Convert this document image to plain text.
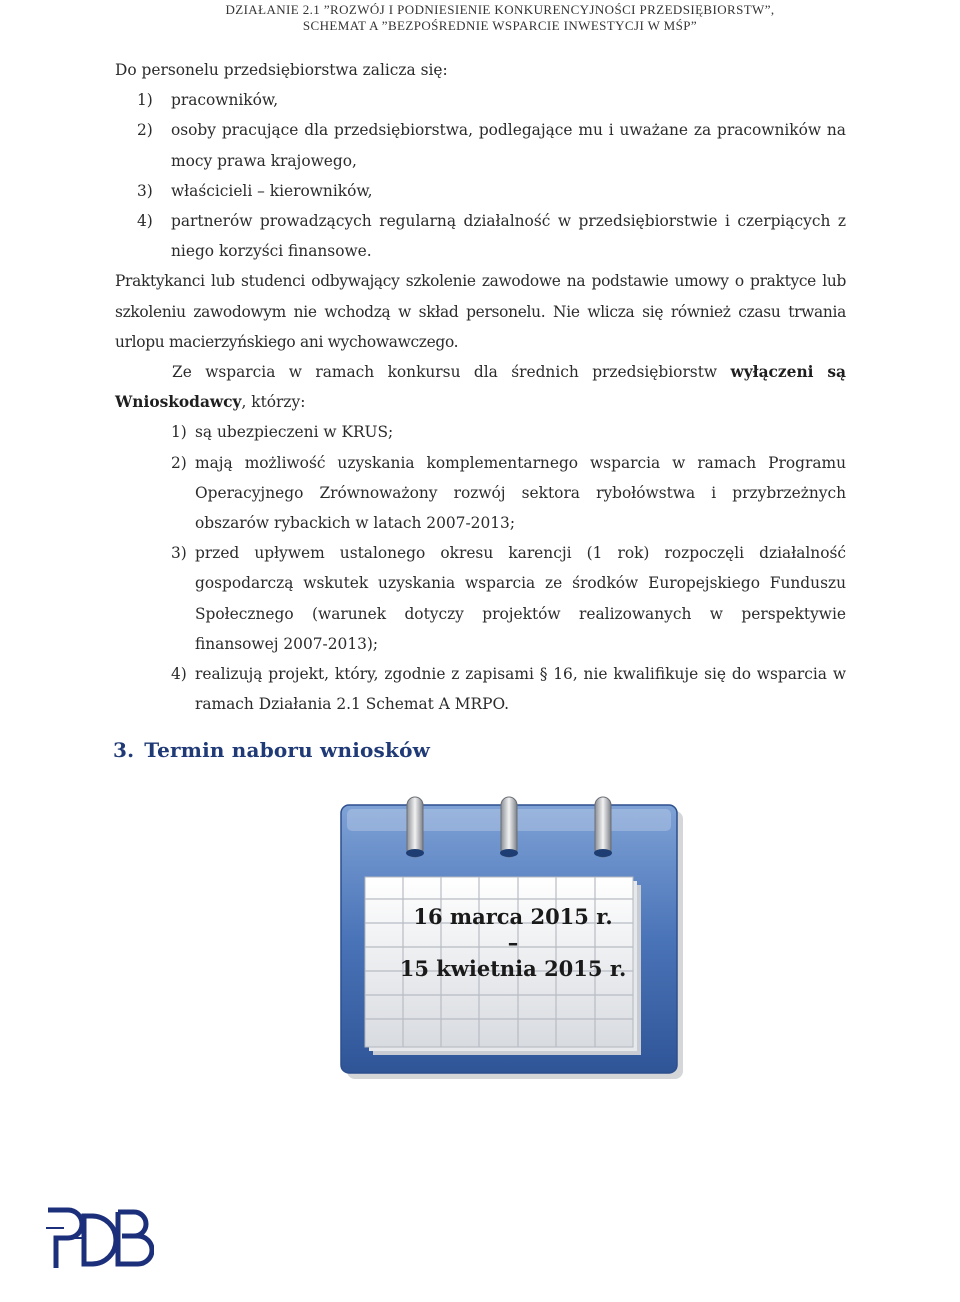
DZIAŁANIE 2.1 ”ROZWÓJ I PODNIESIENIE KONKURENCYJNOŚCI PRZEDSIĘBIORSTW”,
SCHEMAT A ”BEZPOŚREDNIE WSPARCIE INWESTYCJI W MŚP”

Do personelu przedsiębiorstwa zalicza się:

1) pracowników,
2) osoby pracujące dla przedsiębiorstwa, podlegające mu i uważane za pracowników na mocy prawa krajowego,
3) właścicieli – kierowników,
4) partnerów prowadzących regularną działalność w przedsiębiorstwie i czerpiących z niego korzyści finansowe.

Praktykanci lub studenci odbywający szkolenie zawodowe na podstawie umowy o praktyce lub szkoleniu zawodowym nie wchodzą w skład personelu. Nie wlicza się również czasu trwania urlopu macierzyńskiego ani wychowawczego.

Ze wsparcia w ramach konkursu dla średnich przedsiębiorstw wyłączeni są Wnioskodawcy, którzy:

1) są ubezpieczeni w KRUS;
2) mają możliwość uzyskania komplementarnego wsparcia w ramach Programu Operacyjnego Zrównoważony rozwój sektora rybołówstwa i przybrzeżnych obszarów rybackich w latach 2007-2013;
3) przed upływem ustalonego okresu karencji (1 rok) rozpoczęli działalność gospodarczą wskutek uzyskania wsparcia ze środków Europejskiego Funduszu Społecznego (warunek dotyczy projektów realizowanych w perspektywie finansowej 2007-2013);
4) realizują projekt, który, zgodnie z zapisami § 16, nie kwalifikuje się do wsparcia w ramach Działania 2.1 Schemat A MRPO.
3. Termin naboru wniosków
16 marca 2015 r.
–
15 kwietnia 2015 r.
